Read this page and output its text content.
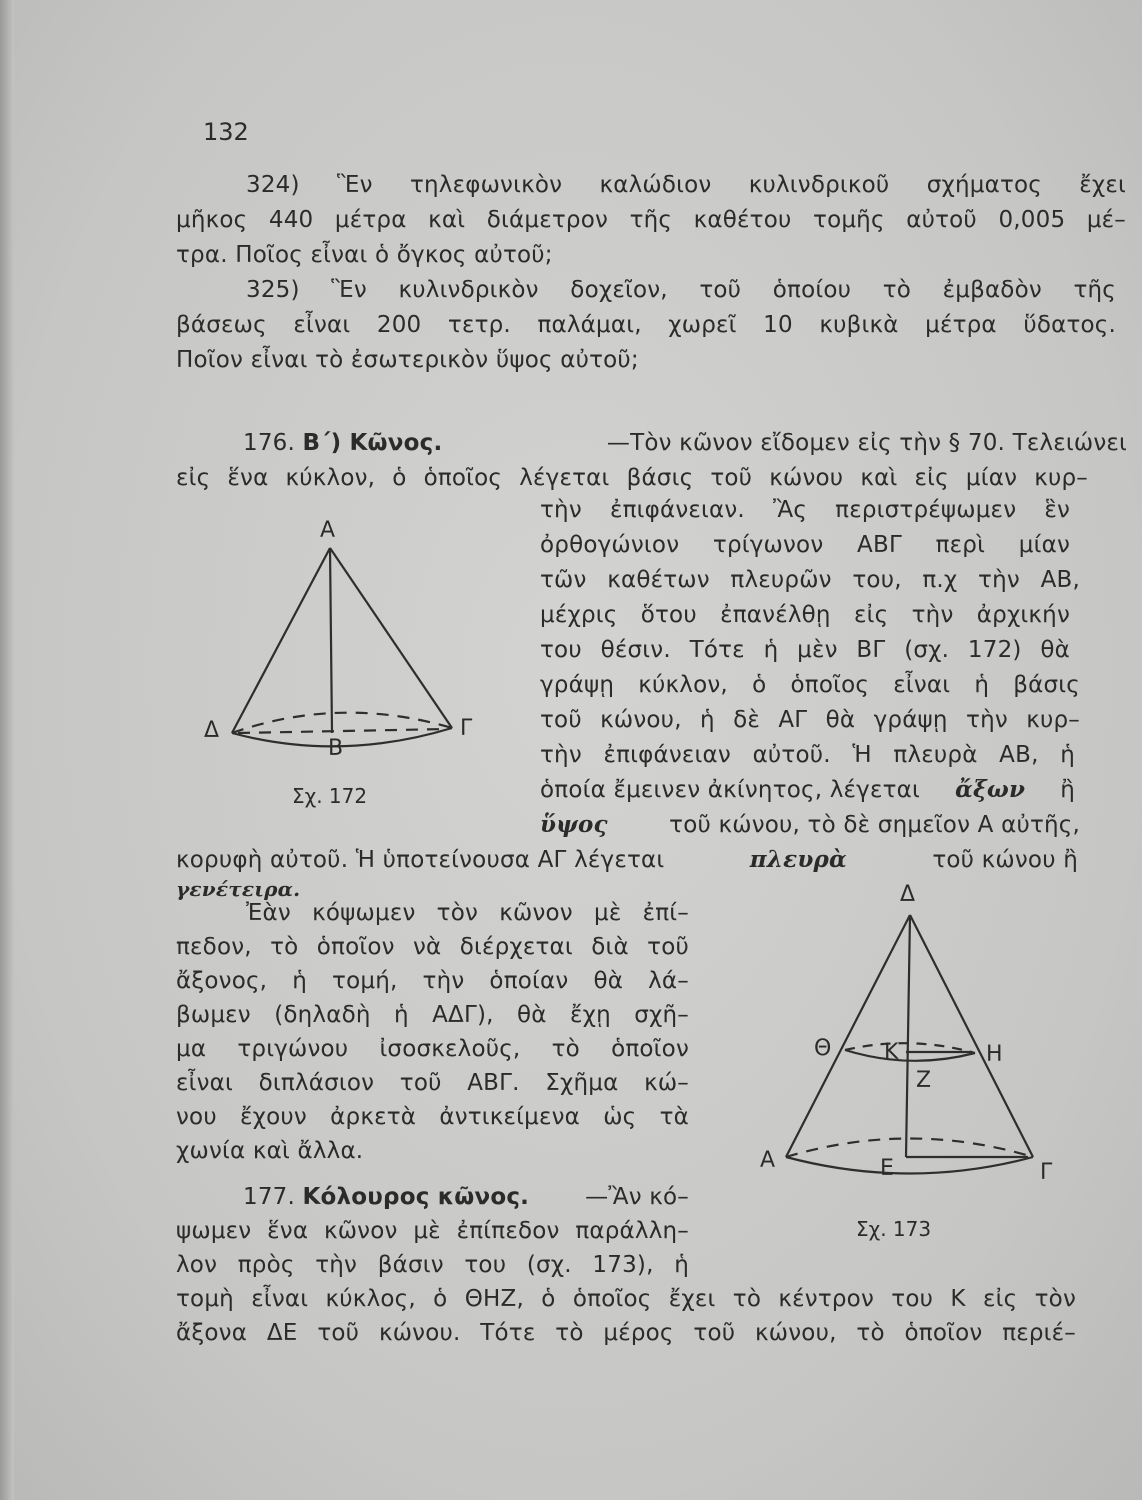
132
324) Ἓν τηλεφωνικὸν καλώδιον κυλινδρικοῦ σχήματος ἔχει
μῆκος 440 μέτρα καὶ διάμετρον τῆς καθέτου τομῆς αὐτοῦ 0,005 μέ–
τρα. Ποῖος εἶναι ὁ ὄγκος αὐτοῦ;
325) Ἓν κυλινδρικὸν δοχεῖον, τοῦ ὁποίου τὸ ἐμβαδὸν τῆς
βάσεως εἶναι 200 τετρ. παλάμαι, χωρεῖ 10 κυβικὰ μέτρα ὕδατος.
Ποῖον εἶναι τὸ ἐσωτερικὸν ὕψος αὐτοῦ;
176. Β΄) Κῶνος.	—Τὸν κῶνον εἴδομεν εἰς τὴν § 70. Τελειώνει
εἰς ἕνα κύκλον, ὁ ὁποῖος λέγεται βάσις τοῦ κώνου καὶ εἰς μίαν κυρ–
τὴν ἐπιφάνειαν. Ἂς περιστρέψωμεν ἓν
ὀρθογώνιον τρίγωνον ΑΒΓ περὶ μίαν
τῶν καθέτων πλευρῶν του, π.χ τὴν ΑΒ,
μέχρις ὅτου ἐπανέλθῃ εἰς τὴν ἀρχικήν
του θέσιν. Τότε ἡ μὲν ΒΓ (σχ. 172) θὰ
γράψῃ κύκλον, ὁ ὁποῖος εἶναι ἡ βάσις
τοῦ κώνου, ἡ δὲ ΑΓ θὰ γράψῃ τὴν κυρ–
τὴν ἐπιφάνειαν αὐτοῦ. Ἡ πλευρὰ ΑΒ, ἡ
ὁποία ἔμεινεν ἀκίνητος, λέγεται ἄξων ἢ
ὕψος	τοῦ κώνου, τὸ δὲ σημεῖον Α αὐτῆς,
κορυφὴ αὐτοῦ. Ἡ ὑποτείνουσα ΑΓ λέγεται	πλευρὰ	τοῦ κώνου ἢ
γενέτειρα.
Ἐὰν κόψωμεν τὸν κῶνον μὲ ἐπί–
πεδον, τὸ ὁποῖον νὰ διέρχεται διὰ τοῦ
ἄξονος, ἡ τομή, τὴν ὁποίαν θὰ λά–
βωμεν (δηλαδὴ ἡ ΑΔΓ), θὰ ἔχῃ σχῆ–
μα τριγώνου ἰσοσκελοῦς, τὸ ὁποῖον
εἶναι διπλάσιον τοῦ ΑΒΓ. Σχῆμα κώ–
νου ἔχουν ἀρκετὰ ἀντικείμενα ὡς τὰ
χωνία καὶ ἄλλα.
177. Κόλουρος κῶνος. —Ἂν κό–
ψωμεν ἕνα κῶνον μὲ ἐπίπεδον παράλλη–
λον πρὸς τὴν βάσιν του (σχ. 173), ἡ
τομὴ εἶναι κύκλος, ὁ ΘΗΖ, ὁ ὁποῖος ἔχει τὸ κέντρον του Κ εἰς τὸν
ἄξονα ΔΕ τοῦ κώνου. Τότε τὸ μέρος τοῦ κώνου, τὸ ὁποῖον περιέ–
Α
Δ	Γ
Β
Σχ. 172
Δ
Θ Κ	Η
Ζ
Α	Ε	Γ
Σχ. 173
